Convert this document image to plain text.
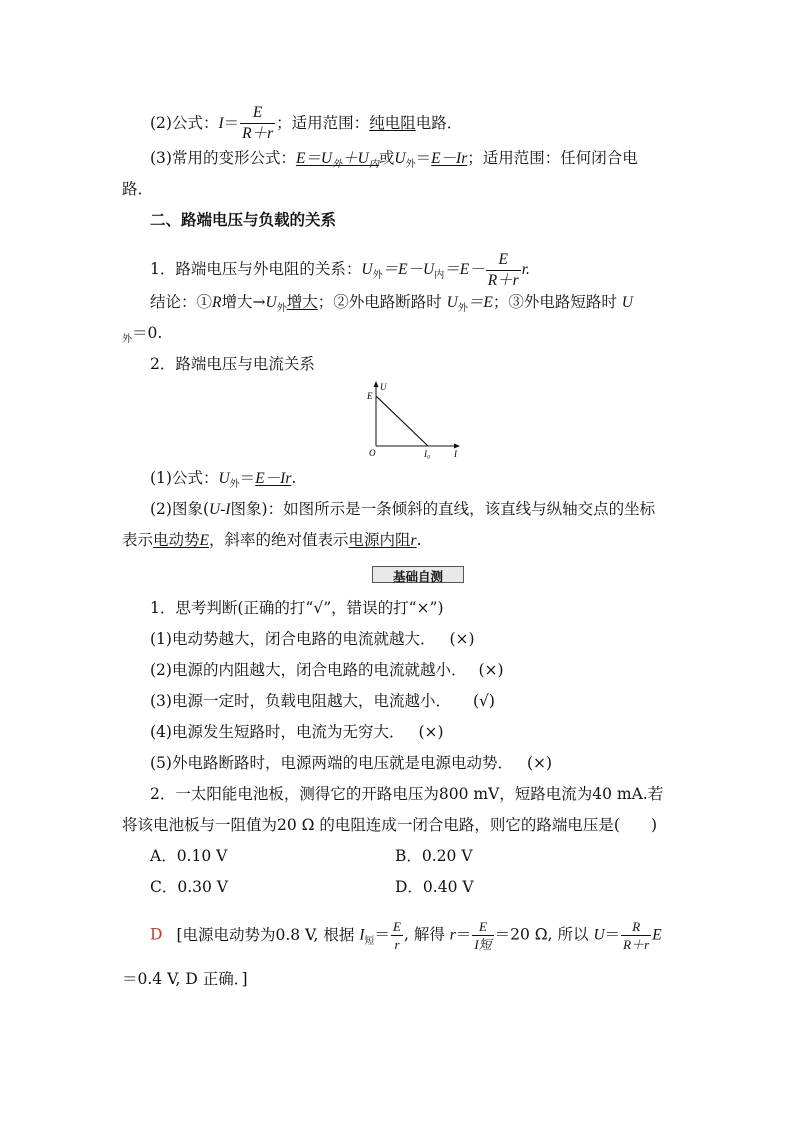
(2)公式：$I= \frac{E}{R+r}$ ；适用范围：纯电阻电路．
(3)常用的变形公式：$E=U_外+U_内$或$U_外=E-Ir$；适用范围：任何闭合电
路．
二、路端电压与负载的关系
1．路端电压与外电阻的关系：$U_外=E-U_内=E- \frac{E}{R+r} r$.
结论：①R增大$\to U_外$增大；②外电路断路时 $U_外=E$；③外电路短路时 U
$_外$＝0.
2．路端电压与电流关系
U
E
O	I₀	I
(1)公式：$U_外=E-Ir$.
(2)图象(U-I图象)：如图所示是一条倾斜的直线，该直线与纵轴交点的坐标
表示电动势E，斜率的绝对值表示电源内阻r.
基础自测
1．思考判断(正确的打“√”，错误的打“×”)
(1)电动势越大，闭合电路的电流就越大． (×)
(2)电源的内阻越大，闭合电路的电流就越小． (×)
(3)电源一定时，负载电阻越大，电流越小． (√)
(4)电源发生短路时，电流为无穷大． (×)
(5)外电路断路时，电源两端的电压就是电源电动势． (×)
2．一太阳能电池板，测得它的开路电压为800 mV，短路电流为40 mA.若
将该电池板与一阻值为20 Ω 的电阻连成一闭合电路，则它的路端电压是(　　)
A．0.10 V	B．0.20 V
C．0.30 V	D．0.40 V
D [电源电动势为0.8 V, 根据 $I_短= \frac{E}{r}$ , 解得 $r= \frac{E}{\text{I短}} =20$ Ω, 所以 $U= \frac{R}{R+r}$ E
＝0.4 V, D 正确．]
